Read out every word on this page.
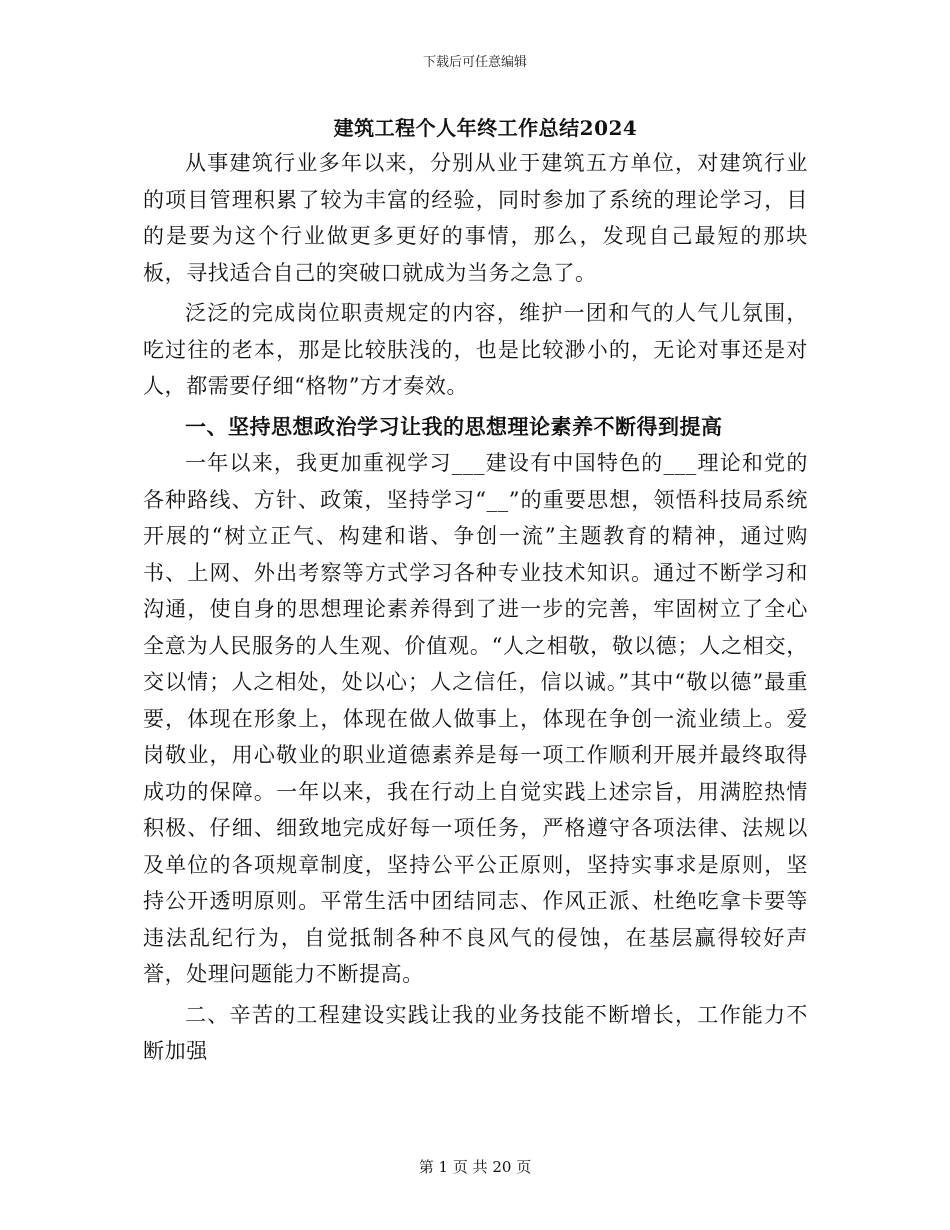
下载后可任意编辑
建筑工程个人年终工作总结2024

从事建筑行业多年以来，分别从业于建筑五方单位，对建筑行业的项目管理积累了较为丰富的经验，同时参加了系统的理论学习，目的是要为这个行业做更多更好的事情，那么，发现自己最短的那块板，寻找适合自己的突破口就成为当务之急了。

泛泛的完成岗位职责规定的内容，维护一团和气的人气儿氛围，吃过往的老本，那是比较肤浅的，也是比较渺小的，无论对事还是对人，都需要仔细“格物”方才奏效。

一、坚持思想政治学习让我的思想理论素养不断得到提高

一年以来，我更加重视学习___建设有中国特色的___理论和党的各种路线、方针、政策，坚持学习“__”的重要思想，领悟科技局系统开展的“树立正气、构建和谐、争创一流”主题教育的精神，通过购书、上网、外出考察等方式学习各种专业技术知识。通过不断学习和沟通，使自身的思想理论素养得到了进一步的完善，牢固树立了全心全意为人民服务的人生观、价值观。“人之相敬，敬以德；人之相交，交以情；人之相处，处以心；人之信任，信以诚。”其中“敬以德”最重要，体现在形象上，体现在做人做事上，体现在争创一流业绩上。爱岗敬业，用心敬业的职业道德素养是每一项工作顺利开展并最终取得成功的保障。一年以来，我在行动上自觉实践上述宗旨，用满腔热情积极、仔细、细致地完成好每一项任务，严格遵守各项法律、法规以及单位的各项规章制度，坚持公平公正原则，坚持实事求是原则，坚持公开透明原则。平常生活中团结同志、作风正派、杜绝吃拿卡要等违法乱纪行为，自觉抵制各种不良风气的侵蚀，在基层赢得较好声誉，处理问题能力不断提高。

二、辛苦的工程建设实践让我的业务技能不断增长，工作能力不断加强

第 1 页 共 20 页
